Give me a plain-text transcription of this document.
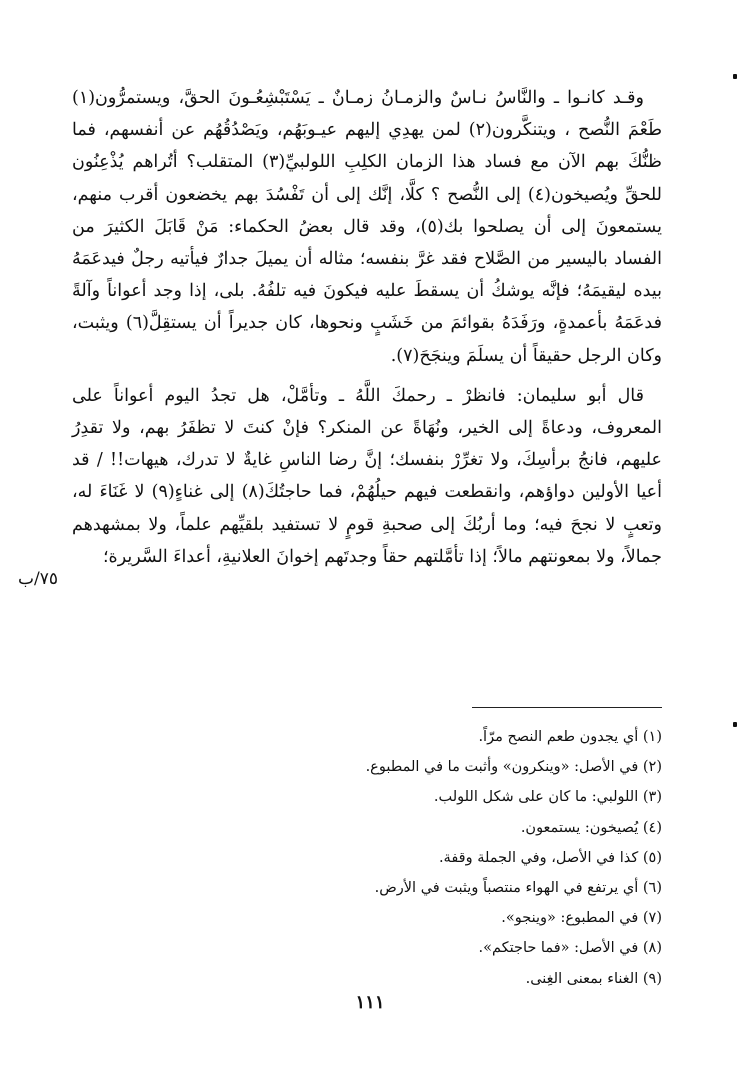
وقـد كانـوا ـ والنَّاسُ نـاسٌ والزمـانُ زمـانٌ ـ يَسْتَبْشِعُـونَ الحقَّ، ويستمرُّون(١) طَعْمَ النُّصح ، ويتنكَّرون(٢) لمن يهدِي إليهم عيـوبَهُم، ويَصْدُقُهُم عن أنفسهم، فما ظنُّكَ بهم الآن مع فساد هذا الزمان الكلِبِ اللولبيِّ(٣) المتقلب؟ أتُراهم يُذْعِنُون للحقِّ ويُصيخون(٤) إلى النُّصح ؟ كلَّا، إنَّك إلى أن تَفْسُدَ بهم يخضعون أقرب منهم، يستمعونَ إلى أن يصلحوا بك(٥)، وقد قال بعضُ الحكماء: مَنْ قَابَلَ الكثيرَ من الفساد باليسير من الصَّلاح فقد غرَّ بنفسه؛ مثاله أن يميلَ جدارٌ فيأتيه رجلٌ فيدعَمَهُ بيده ليقيمَهُ؛ فإنَّه يوشكُ أن يسقطَ عليه فيكونَ فيه تلفُهُ. بلى، إذا وجد أعواناً وآلةً فدعَمَهُ بأعمدةٍ، ورَفَدَهُ بقوائمَ من خَشَبٍ ونحوها، كان جديراً أن يستقِلَّ(٦) ويثبت، وكان الرجل حقيقاً أن يسلَمَ وينجَحَ(٧).

قال أبو سليمان: فانظرْ ـ رحمكَ اللَّهُ ـ وتأمَّلْ، هل تجدُ اليوم أعواناً على المعروف، ودعاةً إلى الخير، ونُهَاةً عن المنكر؟ فإنْ كنتَ لا تظفَرُ بهم، ولا تقدِرُ عليهم، فانجُ برأسِكَ، ولا تغرِّرْ بنفسك؛ إنَّ رضا الناسِ غايةٌ لا تدرك، هيهات!! / قد أعيا الأولين دواؤهم، وانقطعت فيهم حيلُهُمْ، فما حاجتُكَ(٨) إلى غناءٍ(٩) لا غَنَاءَ له، وتعبٍ لا نجحَ فيه؛ وما أربُكَ إلى صحبةِ قومٍ لا تستفيد بلقيِّهم علماً، ولا بمشهدهم جمالاً، ولا بمعونتهم مالاً؛ إذا تأمَّلتهم حقاً وجدتَهم إخوانَ العلانيةِ، أعداءَ السَّريرة؛

٧٥/ب
(١) أي يجدون طعم النصح مرّاً.
(٢) في الأصل: «وينكرون» وأثبت ما في المطبوع.
(٣) اللولبي: ما كان على شكل اللولب.
(٤) يُصيخون: يستمعون.
(٥) كذا في الأصل، وفي الجملة وقفة.
(٦) أي يرتفع في الهواء منتصباً ويثبت في الأرض.
(٧) في المطبوع: «وينجو».
(٨) في الأصل: «فما حاجتكم».
(٩) الغناء بمعنى الغِنى.
١١١
